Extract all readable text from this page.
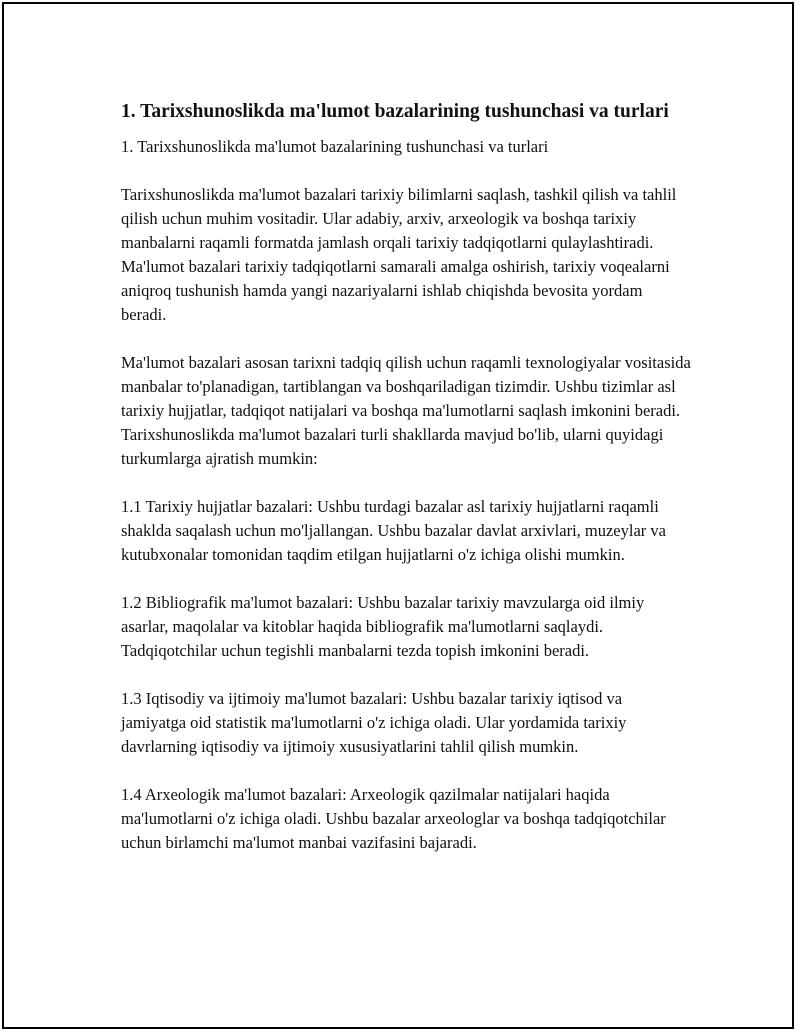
1. Tarixshunoslikda ma'lumot bazalarining tushunchasi va turlari

1. Tarixshunoslikda ma'lumot bazalarining tushunchasi va turlari

Tarixshunoslikda ma'lumot bazalari tarixiy bilimlarni saqlash, tashkil qilish va tahlil qilish uchun muhim vositadir. Ular adabiy, arxiv, arxeologik va boshqa tarixiy manbalarni raqamli formatda jamlash orqali tarixiy tadqiqotlarni qulaylashtiradi. Ma'lumot bazalari tarixiy tadqiqotlarni samarali amalga oshirish, tarixiy voqealarni aniqroq tushunish hamda yangi nazariyalarni ishlab chiqishda bevosita yordam beradi.

Ma'lumot bazalari asosan tarixni tadqiq qilish uchun raqamli texnologiyalar vositasida manbalar to'planadigan, tartiblangan va boshqariladigan tizimdir. Ushbu tizimlar asl tarixiy hujjatlar, tadqiqot natijalari va boshqa ma'lumotlarni saqlash imkonini beradi. Tarixshunoslikda ma'lumot bazalari turli shakllarda mavjud bo'lib, ularni quyidagi turkumlarga ajratish mumkin:

1.1 Tarixiy hujjatlar bazalari: Ushbu turdagi bazalar asl tarixiy hujjatlarni raqamli shaklda saqalash uchun mo'ljallangan. Ushbu bazalar davlat arxivlari, muzeylar va kutubxonalar tomonidan taqdim etilgan hujjatlarni o'z ichiga olishi mumkin.

1.2 Bibliografik ma'lumot bazalari: Ushbu bazalar tarixiy mavzularga oid ilmiy asarlar, maqolalar va kitoblar haqida bibliografik ma'lumotlarni saqlaydi. Tadqiqotchilar uchun tegishli manbalarni tezda topish imkonini beradi.

1.3 Iqtisodiy va ijtimoiy ma'lumot bazalari: Ushbu bazalar tarixiy iqtisod va jamiyatga oid statistik ma'lumotlarni o'z ichiga oladi. Ular yordamida tarixiy davrlarning iqtisodiy va ijtimoiy xususiyatlarini tahlil qilish mumkin.

1.4 Arxeologik ma'lumot bazalari: Arxeologik qazilmalar natijalari haqida ma'lumotlarni o'z ichiga oladi. Ushbu bazalar arxeologlar va boshqa tadqiqotchilar uchun birlamchi ma'lumot manbai vazifasini bajaradi.
